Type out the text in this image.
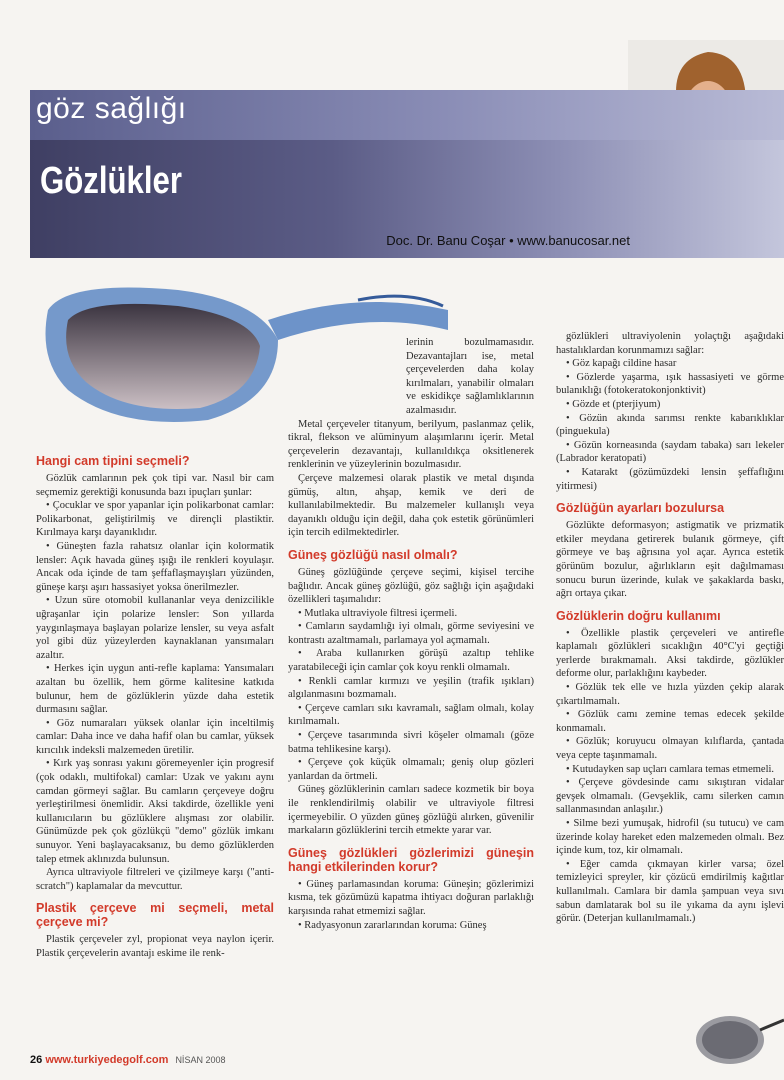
göz sağlığı
Gözlükler
Doc. Dr. Banu Coşar • www.banucosar.net
Hangi cam tipini seçmeli?

Gözlük camlarının pek çok tipi var. Nasıl bir cam seçmemiz gerektiği konusunda bazı ipuçları şunlar:

• Çocuklar ve spor yapanlar için polikarbonat camlar: Polikarbonat, geliştirilmiş ve dirençli plastiktir. Kırılmaya karşı dayanıklıdır.

• Güneşten fazla rahatsız olanlar için kolormatik lensler: Açık havada güneş ışığı ile renkleri koyulaşır. Ancak oda içinde de tam şeffaflaşmayışları yüzünden, güneşe karşı aşırı hassasiyet yoksa önerilmezler.

• Uzun süre otomobil kullananlar veya denizcilikle uğraşanlar için polarize lensler: Son yıllarda yaygınlaşmaya başlayan polarize lensler, su veya asfalt yol gibi düz yüzeylerden kaynaklanan yansımaları azaltır.

• Herkes için uygun anti-refle kaplama: Yansımaları azaltan bu özellik, hem görme kalitesine katkıda bulunur, hem de gözlüklerin yüzde daha estetik durmasını sağlar.

• Göz numaraları yüksek olanlar için inceltilmiş camlar: Daha ince ve daha hafif olan bu camlar, yüksek kırıcılık indeksli malzemeden üretilir.

• Kırk yaş sonrası yakını göremeyenler için progresif (çok odaklı, multifokal) camlar: Uzak ve yakını aynı camdan görmeyi sağlar. Bu camların çerçeveye doğru yerleştirilmesi önemlidir. Aksi takdirde, özellikle yeni kullanıcıların bu gözlüklere alışması zor olabilir. Günümüzde pek çok gözlükçü "demo" gözlük imkanı sunuyor. Yeni başlayacaksanız, bu demo gözlüklerden talep etmek aklınızda bulunsun.

Ayrıca ultraviyole filtreleri ve çizilmeye karşı ("anti-scratch") kaplamalar da mevcuttur.

Plastik çerçeve mi seçmeli, metal çerçeve mi?

Plastik çerçeveler zyl, propionat veya naylon içerir. Plastik çerçevelerin avantajı eskime ile renk-

lerinin bozulmamasıdır. Dezavantajları ise, metal çerçevelerden daha kolay kırılmaları, yanabilir olmaları ve eskidikçe sağlamlıklarının azalmasıdır.

Metal çerçeveler titanyum, berilyum, paslanmaz çelik, tikral, flekson ve alüminyum alaşımlarını içerir. Metal çerçevelerin dezavantajı, kullanıldıkça oksitlenerek renklerinin ve yüzeylerinin bozulmasıdır.

Çerçeve malzemesi olarak plastik ve metal dışında gümüş, altın, ahşap, kemik ve deri de kullanılabilmektedir. Bu malzemeler kullanışlı veya dayanıklı olduğu için değil, daha çok estetik görünümleri için tercih edilmektedirler.

Güneş gözlüğü nasıl olmalı?

Güneş gözlüğünde çerçeve seçimi, kişisel tercihe bağlıdır. Ancak güneş gözlüğü, göz sağlığı için aşağıdaki özellikleri taşımalıdır:

• Mutlaka ultraviyole filtresi içermeli.

• Camların saydamlığı iyi olmalı, görme seviyesini ve kontrastı azaltmamalı, parlamaya yol açmamalı.

• Araba kullanırken görüşü azaltıp tehlike yaratabileceği için camlar çok koyu renkli olmamalı.

• Renkli camlar kırmızı ve yeşilin (trafik ışıkları) algılanmasını bozmamalı.

• Çerçeve camları sıkı kavramalı, sağlam olmalı, kolay kırılmamalı.

• Çerçeve tasarımında sivri köşeler olmamalı (göze batma tehlikesine karşı).

• Çerçeve çok küçük olmamalı; geniş olup gözleri yanlardan da örtmeli.

Güneş gözlüklerinin camları sadece kozmetik bir boya ile renklendirilmiş olabilir ve ultraviyole filtresi içermeyebilir. O yüzden güneş gözlüğü alırken, güvenilir markaların gözlüklerini tercih etmekte yarar var.

Güneş gözlükleri gözlerimizi güneşin hangi etkilerinden korur?

• Güneş parlamasından koruma: Güneşin; gözlerimizi kısma, tek gözümüzü kapatma ihtiyacı doğuran parlaklığı karşısında rahat etmemizi sağlar.

• Radyasyonun zararlarından koruma: Güneş

gözlükleri ultraviyolenin yolaçtığı aşağıdaki hastalıklardan korunmamızı sağlar:

• Göz kapağı cildine hasar

• Gözlerde yaşarma, ışık hassasiyeti ve görme bulanıklığı (fotokeratokonjonktivit)

• Gözde et (pterjiyum)

• Gözün akında sarımsı renkte kabarıklıklar (pinguekula)

• Gözün korneasında (saydam tabaka) sarı lekeler (Labrador keratopati)

• Katarakt (gözümüzdeki lensin şeffaflığını yitirmesi)

Gözlüğün ayarları bozulursa

Gözlükte deformasyon; astigmatik ve prizmatik etkiler meydana getirerek bulanık görmeye, çift görmeye ve baş ağrısına yol açar. Ayrıca estetik görünüm bozulur, ağırlıkların eşit dağılmaması sonucu burun üzerinde, kulak ve şakaklarda baskı, ağrı ortaya çıkar.

Gözlüklerin doğru kullanımı

• Özellikle plastik çerçeveleri ve antirefle kaplamalı gözlükleri sıcaklığın 40°C'yi geçtiği yerlerde bırakmamalı. Aksi takdirde, gözlükler deforme olur, parlaklığını kaybeder.

• Gözlük tek elle ve hızla yüzden çekip alarak çıkartılmamalı.

• Gözlük camı zemine temas edecek şekilde konmamalı.

• Gözlük; koruyucu olmayan kılıflarda, çantada veya cepte taşınmamalı.

• Kutudayken sap uçları camlara temas etmemeli.

• Çerçeve gövdesinde camı sıkıştıran vidalar gevşek olmamalı. (Gevşeklik, camı silerken camın sallanmasından anlaşılır.)

• Silme bezi yumuşak, hidrofil (su tutucu) ve cam üzerinde kolay hareket eden malzemeden olmalı. Bez içinde kum, toz, kir olmamalı.

• Eğer camda çıkmayan kirler varsa; özel temizleyici spreyler, kir çözücü emdirilmiş kağıtlar kullanılmalı. Camlara bir damla şampuan veya sıvı sabun damlatarak bol su ile yıkama da aynı işlevi görür. (Deterjan kullanılmamalı.)

26 www.turkiyedegolf.com NİSAN 2008
